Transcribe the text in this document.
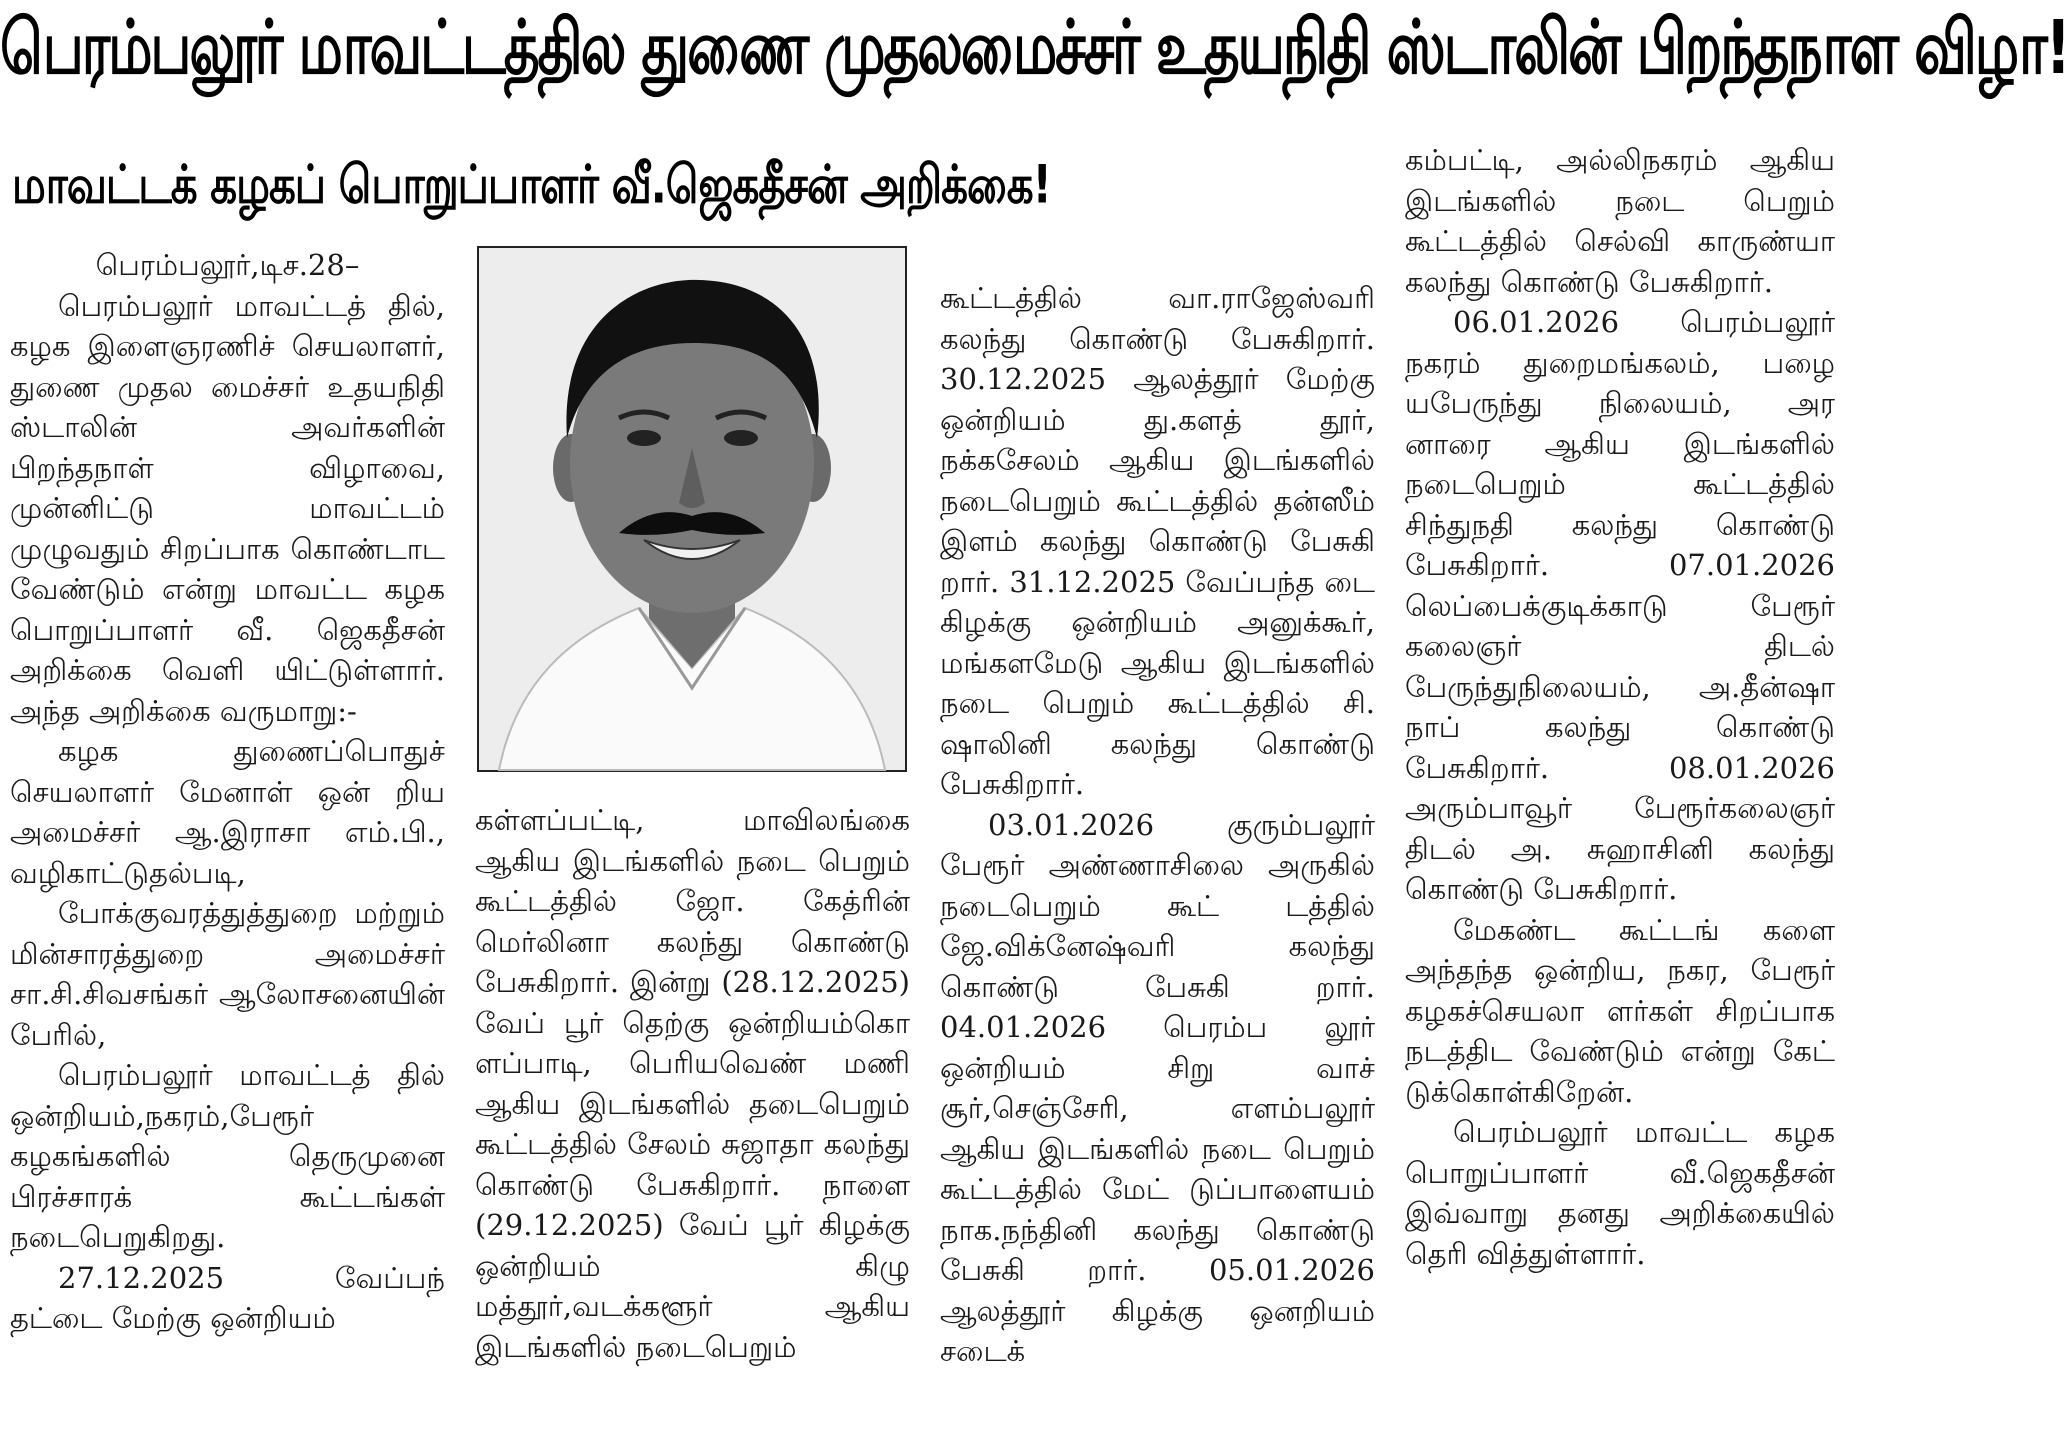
பெரம்பலூர் மாவட்டத்தில துணை முதலமைச்சர் உதயநிதி ஸ்டாலின் பிறந்தநாள விழா!
மாவட்டக் கழகப் பொறுப்பாளர் வீ.ஜெகதீசன் அறிக்கை!

பெரம்பலூர்,டிச.28–

பெரம்பலூர் மாவட்டத் தில், கழக இளைஞரணிச் செயலாளர், துணை முதல மைச்சர் உதயநிதி ஸ்டாலின் அவர்களின் பிறந்தநாள் விழாவை, முன்னிட்டு மாவட்டம் முழுவதும் சிறப்பாக கொண்டாட வேண்டும் என்று மாவட்ட கழக பொறுப்பாளர் வீ. ஜெகதீசன் அறிக்கை வெளி யிட்டுள்ளார். அந்த அறிக்கை வருமாறு:-

கழக துணைப்பொதுச் செயலாளர் மேனாள் ஒன் றிய அமைச்சர் ஆ.இராசா எம்.பி., வழிகாட்டுதல்படி,

போக்குவரத்துத்துறை மற்றும் மின்சாரத்துறை அமைச்சர் சா.சி.சிவசங்கர் ஆலோசனையின் பேரில்,

பெரம்பலூர் மாவட்டத் தில் ஒன்றியம்,நகரம்,பேரூர் கழகங்களில் தெருமுனை பிரச்சாரக் கூட்டங்கள் நடைபெறுகிறது.

27.12.2025 வேப்பந் தட்டை மேற்கு ஒன்றியம்

கள்ளப்பட்டி, மாவிலங்கை ஆகிய இடங்களில் நடை பெறும் கூட்டத்தில் ஜோ. கேத்ரின் மெர்லினா கலந்து கொண்டு பேசுகிறார். இன்று (28.12.2025) வேப் பூர் தெற்கு ஒன்றியம்கொ ளப்பாடி, பெரியவெண் மணி ஆகிய இடங்களில் தடைபெறும் கூட்டத்தில் சேலம் சுஜாதா கலந்து கொண்டு பேசுகிறார். நாளை (29.12.2025) வேப் பூர் கிழக்கு ஒன்றியம் கிழு மத்தூர்,வடக்களூர் ஆகிய இடங்களில் நடைபெறும்

கூட்டத்தில் வா.ராஜேஸ்வரி கலந்து கொண்டு பேசுகிறார். 30.12.2025 ஆலத்தூர் மேற்கு ஒன்றியம் து.களத் தூர், நக்கசேலம் ஆகிய இடங்களில் நடைபெறும் கூட்டத்தில் தன்ஸீம் இளம் கலந்து கொண்டு பேசுகி றார். 31.12.2025 வேப்பந்த டை கிழக்கு ஒன்றியம் அனுக்கூர், மங்களமேடு ஆகிய இடங்களில் நடை பெறும் கூட்டத்தில் சி. ஷாலினி கலந்து கொண்டு பேசுகிறார்.

03.01.2026 குரும்பலூர் பேரூர் அண்ணாசிலை அருகில் நடைபெறும் கூட் டத்தில் ஜே.விக்னேஷ்வரி கலந்து கொண்டு பேசுகி றார். 04.01.2026 பெரம்ப லூர் ஒன்றியம் சிறு வாச் சூர்,செஞ்சேரி, எளம்பலூர் ஆகிய இடங்களில் நடை பெறும் கூட்டத்தில் மேட் டுப்பாளையம் நாக.நந்தினி கலந்து கொண்டு பேசுகி றார். 05.01.2026 ஆலத்தூர் கிழக்கு ஒனறியம் சடைக்

கம்பட்டி, அல்லிநகரம் ஆகிய இடங்களில் நடை பெறும் கூட்டத்தில் செல்வி காருண்யா கலந்து கொண்டு பேசுகிறார்.

06.01.2026 பெரம்பலூர் நகரம் துறைமங்கலம், பழை யபேருந்து நிலையம், அர னாரை ஆகிய இடங்களில் நடைபெறும் கூட்டத்தில் சிந்துநதி கலந்து கொண்டு பேசுகிறார். 07.01.2026 லெப்பைக்குடிக்காடு பேரூர் கலைஞர் திடல் பேருந்துநிலையம், அ.தீன்ஷா நாப் கலந்து கொண்டு பேசுகிறார். 08.01.2026 அரும்பாவூர் பேரூர்கலைஞர் திடல் அ. சுஹாசினி கலந்து கொண்டு பேசுகிறார்.

மேகண்ட கூட்டங் களை அந்தந்த ஒன்றிய, நகர, பேரூர் கழகச்செயலா ளர்கள் சிறப்பாக நடத்திட வேண்டும் என்று கேட் டுக்கொள்கிறேன்.

பெரம்பலூர் மாவட்ட கழக பொறுப்பாளர் வீ.ஜெகதீசன் இவ்வாறு தனது அறிக்கையில் தெரி வித்துள்ளார்.
